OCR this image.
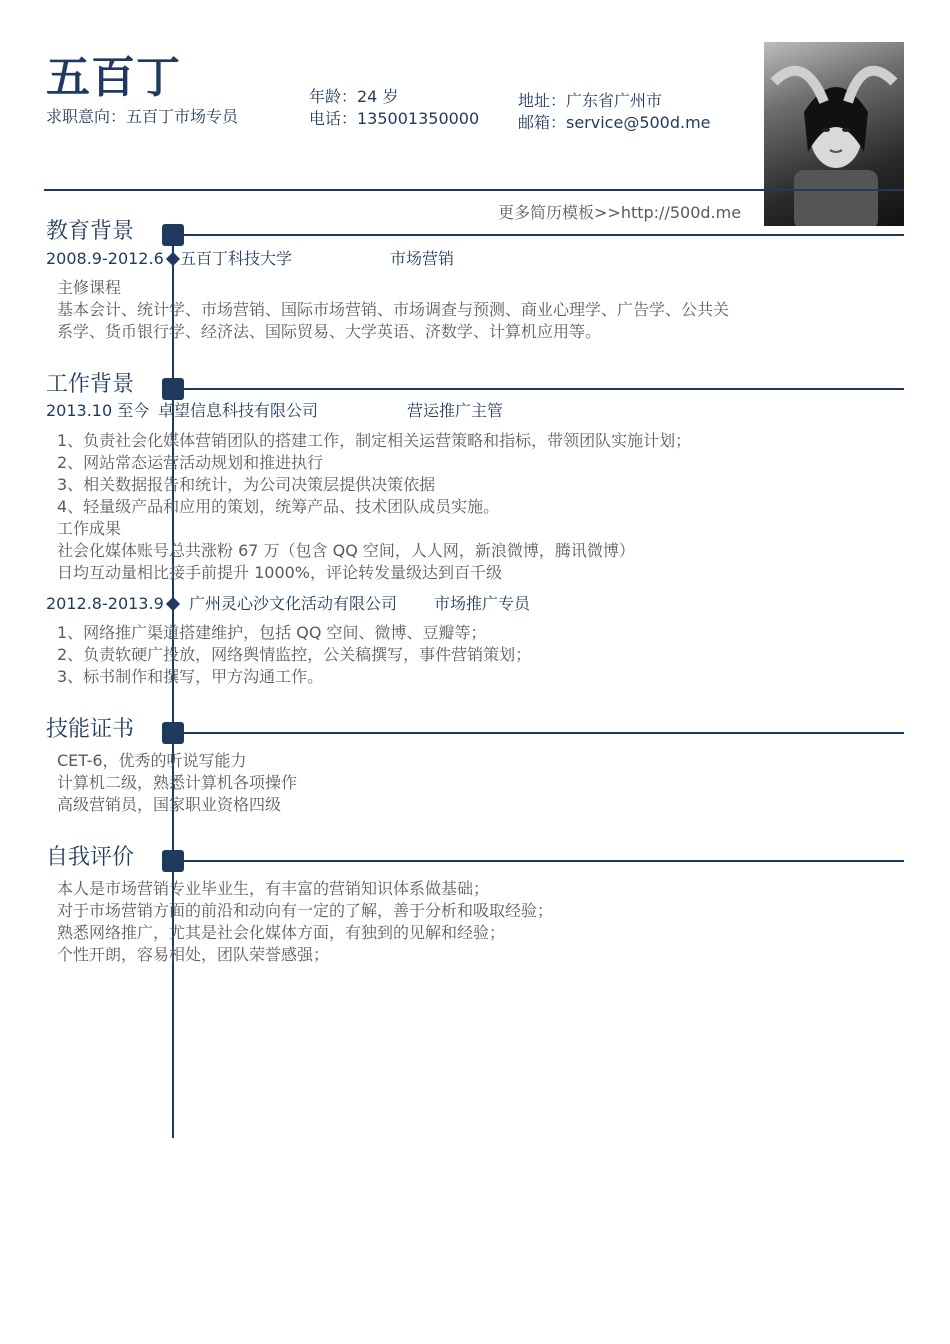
五百丁
求职意向：五百丁市场专员
年龄：24 岁
电话：135001350000
地址：广东省广州市
邮箱：service@500d.me
更多简历模板>>http://500d.me
教育背景
2008.9-2012.6 五百丁科技大学	市场营销
主修课程
基本会计、统计学、市场营销、国际市场营销、市场调查与预测、商业心理学、广告学、公共关
系学、货币银行学、经济法、国际贸易、大学英语、济数学、计算机应用等。
工作背景
2013.10 至今 卓望信息科技有限公司	营运推广主管
1、负责社会化媒体营销团队的搭建工作，制定相关运营策略和指标，带领团队实施计划；
2、网站常态运营活动规划和推进执行
3、相关数据报告和统计，为公司决策层提供决策依据
4、轻量级产品和应用的策划，统筹产品、技术团队成员实施。
工作成果
社会化媒体账号总共涨粉 67 万（包含 QQ 空间，人人网，新浪微博，腾讯微博）
日均互动量相比接手前提升 1000%，评论转发量级达到百千级
2012.8-2013.9 广州灵心沙文化活动有限公司 市场推广专员
1、网络推广渠道搭建维护，包括 QQ 空间、微博、豆瓣等；
2、负责软硬广投放，网络舆情监控，公关稿撰写，事件营销策划；
3、标书制作和撰写，甲方沟通工作。
技能证书
CET-6，优秀的听说写能力
计算机二级，熟悉计算机各项操作
高级营销员，国家职业资格四级
自我评价
本人是市场营销专业毕业生，有丰富的营销知识体系做基础；
对于市场营销方面的前沿和动向有一定的了解，善于分析和吸取经验；
熟悉网络推广，尤其是社会化媒体方面，有独到的见解和经验；
个性开朗，容易相处，团队荣誉感强；
